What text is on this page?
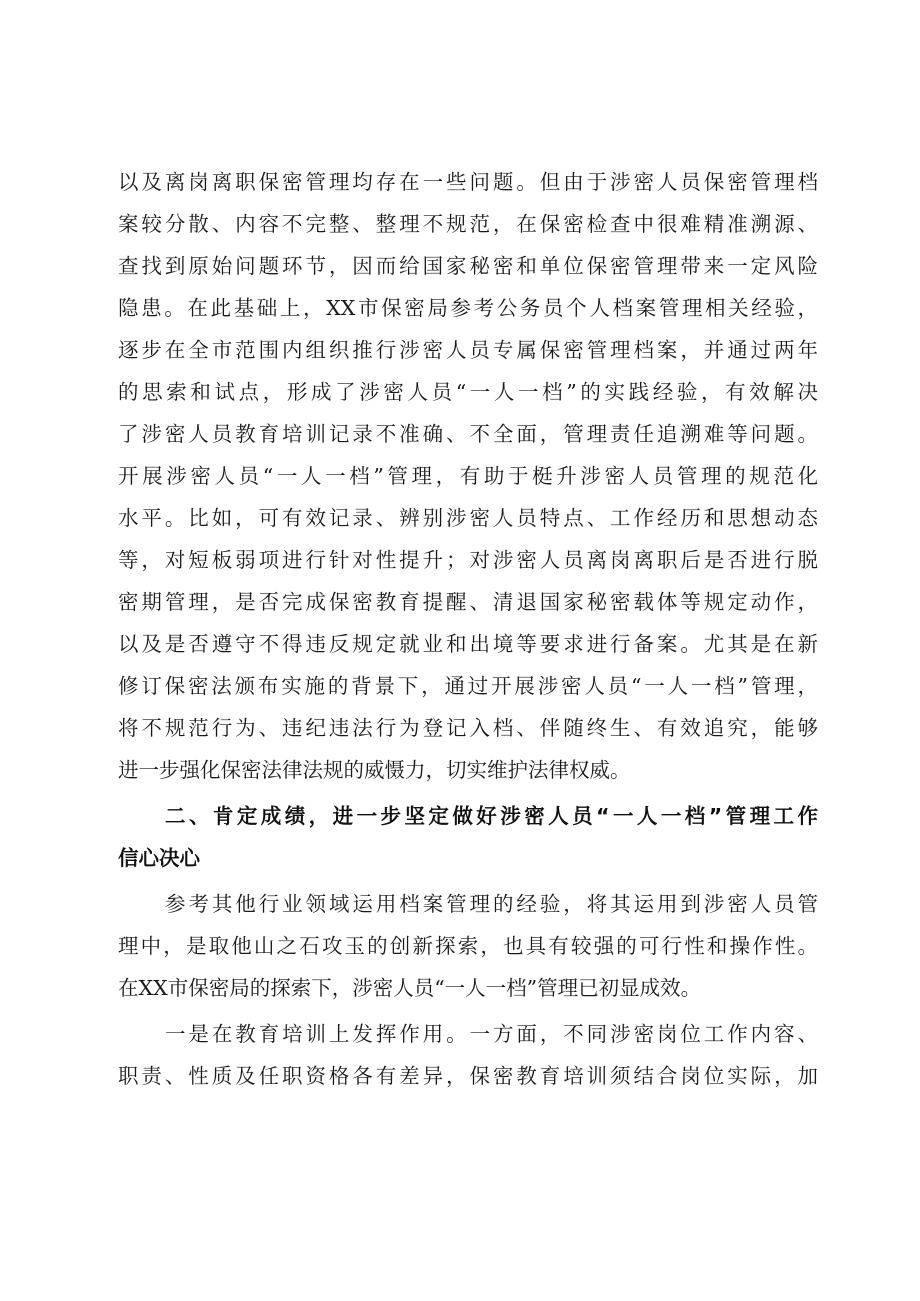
以及离岗离职保密管理均存在一些问题。但由于涉密人员保密管理档

案较分散、内容不完整、整理不规范，在保密检查中很难精准溯源、

查找到原始问题环节，因而给国家秘密和单位保密管理带来一定风险

隐患。在此基础上，XX市保密局参考公务员个人档案管理相关经验，

逐步在全市范围内组织推行涉密人员专属保密管理档案，并通过两年

的思索和试点，形成了涉密人员“一人一档”的实践经验，有效解决

了涉密人员教育培训记录不准确、不全面，管理责任追溯难等问题。

开展涉密人员“一人一档”管理，有助于梃升涉密人员管理的规范化

水平。比如，可有效记录、辨别涉密人员特点、工作经历和思想动态

等，对短板弱项进行针对性提升；对涉密人员离岗离职后是否进行脱

密期管理，是否完成保密教育提醒、清退国家秘密载体等规定动作，

以及是否遵守不得违反规定就业和出境等要求进行备案。尤其是在新

修订保密法颁布实施的背景下，通过开展涉密人员“一人一档”管理，

将不规范行为、违纪违法行为登记入档、伴随终生、有效追究，能够

进一步强化保密法律法规的威慑力，切实维护法律权威。

二、肯定成绩，进一步坚定做好涉密人员“一人一档”管理工作

信心决心

参考其他行业领域运用档案管理的经验，将其运用到涉密人员管

理中，是取他山之石攻玉的创新探索，也具有较强的可行性和操作性。

在XX市保密局的探索下，涉密人员“一人一档”管理已初显成效。

一是在教育培训上发挥作用。一方面，不同涉密岗位工作内容、

职责、性质及任职资格各有差异，保密教育培训须结合岗位实际，加
